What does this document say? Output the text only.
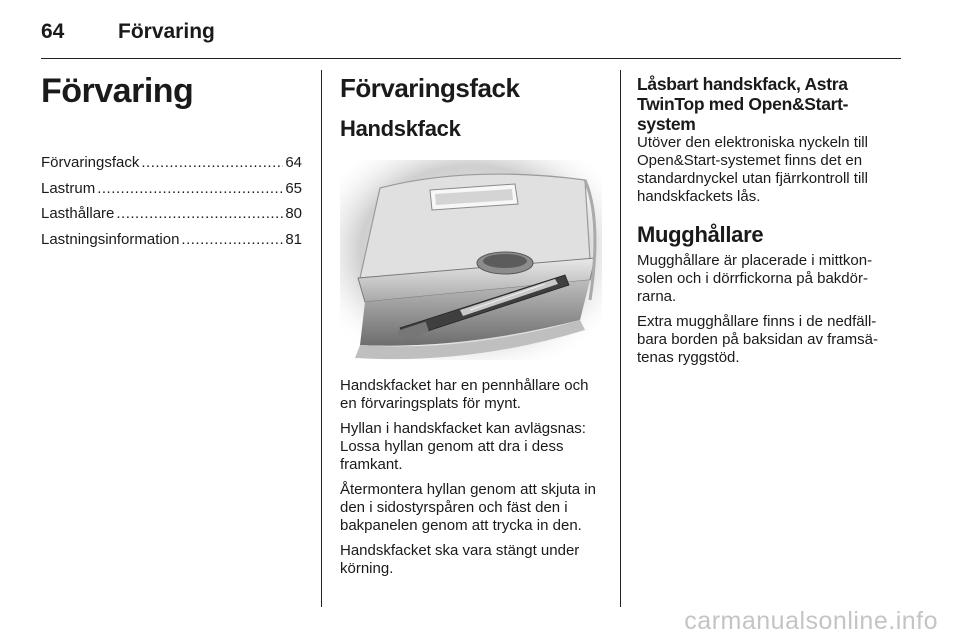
64	Förvaring
Förvaring
Förvaringsfack .....	64
Lastrum .....	65
Lasthållare .....	80
Lastningsinformation .....	81
Förvaringsfack
Handskfack

Handskfacket har en pennhållare och en förvaringsplats för mynt.

Hyllan i handskfacket kan avlägsnas: Lossa hyllan genom att dra i dess framkant.

Återmontera hyllan genom att skjuta in den i sidostyrspåren och fäst den i bakpanelen genom att trycka in den.

Handskfacket ska vara stängt under körning.

Låsbart handskfack, Astra TwinTop med Open&Start-system

Utöver den elektroniska nyckeln till Open&Start-systemet finns det en standardnyckel utan fjärrkontroll till handskfackets lås.

Mugghållare

Mugghållare är placerade i mittkon-solen och i dörrfickorna på bakdör-rarna.

Extra mugghållare finns i de nedfäll-bara borden på baksidan av framsä-tenas ryggstöd.

carmanualsonline.info
